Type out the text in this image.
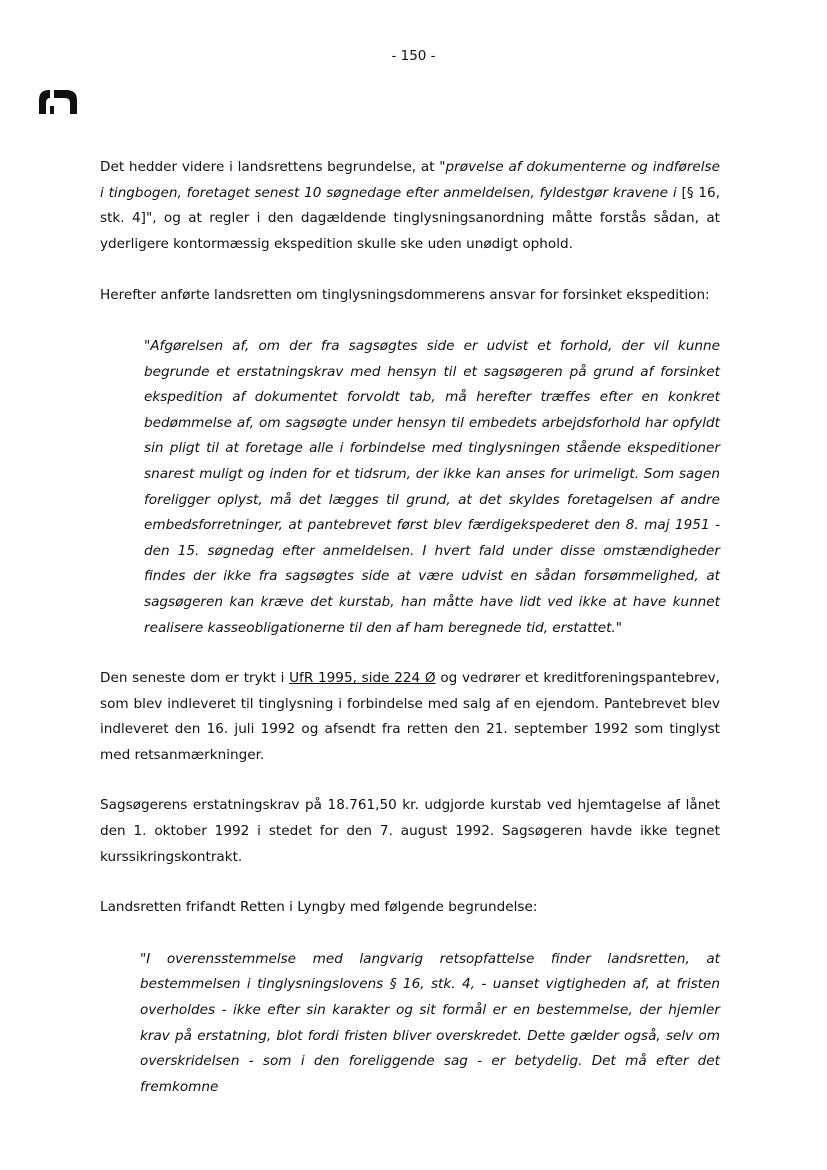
- 150 -

Det hedder videre i landsrettens begrundelse, at "prøvelse af dokumenterne og indførelse i tingbogen, foretaget senest 10 søgnedage efter anmeldelsen, fyldestgør kravene i [§ 16, stk. 4]", og at regler i den dagældende tinglysningsanordning måtte forstås sådan, at yderligere kontormæssig ekspedition skulle ske uden unødigt ophold.

Herefter anførte landsretten om tinglysningsdommerens ansvar for forsinket ekspedition:

"Afgørelsen af, om der fra sagsøgtes side er udvist et forhold, der vil kunne begrunde et erstatningskrav med hensyn til et sagsøgeren på grund af forsinket ekspedition af dokumentet forvoldt tab, må herefter træffes efter en konkret bedømmelse af, om sagsøgte under hensyn til embedets arbejdsforhold har opfyldt sin pligt til at foretage alle i forbindelse med tinglysningen stående ekspeditioner snarest muligt og inden for et tidsrum, der ikke kan anses for urimeligt. Som sagen foreligger oplyst, må det lægges til grund, at det skyldes foretagelsen af andre embedsforretninger, at pantebrevet først blev færdigekspederet den 8. maj 1951 - den 15. søgnedag efter anmeldelsen. I hvert fald under disse omstændigheder findes der ikke fra sagsøgtes side at være udvist en sådan forsømmelighed, at sagsøgeren kan kræve det kurstab, han måtte have lidt ved ikke at have kunnet realisere kasseobligationerne til den af ham beregnede tid, erstattet."

Den seneste dom er trykt i UfR 1995, side 224 Ø og vedrører et kreditforeningspantebrev, som blev indleveret til tinglysning i forbindelse med salg af en ejendom. Pantebrevet blev indleveret den 16. juli 1992 og afsendt fra retten den 21. september 1992 som tinglyst med retsanmærkninger.

Sagsøgerens erstatningskrav på 18.761,50 kr. udgjorde kurstab ved hjemtagelse af lånet den 1. oktober 1992 i stedet for den 7. august 1992. Sagsøgeren havde ikke tegnet kurssikringskontrakt.

Landsretten frifandt Retten i Lyngby med følgende begrundelse:

"I overensstemmelse med langvarig retsopfattelse finder landsretten, at bestemmelsen i tinglysningslovens § 16, stk. 4, - uanset vigtigheden af, at fristen overholdes - ikke efter sin karakter og sit formål er en bestemmelse, der hjemler krav på erstatning, blot fordi fristen bliver overskredet. Dette gælder også, selv om overskridelsen - som i den foreliggende sag - er betydelig. Det må efter det fremkomne
